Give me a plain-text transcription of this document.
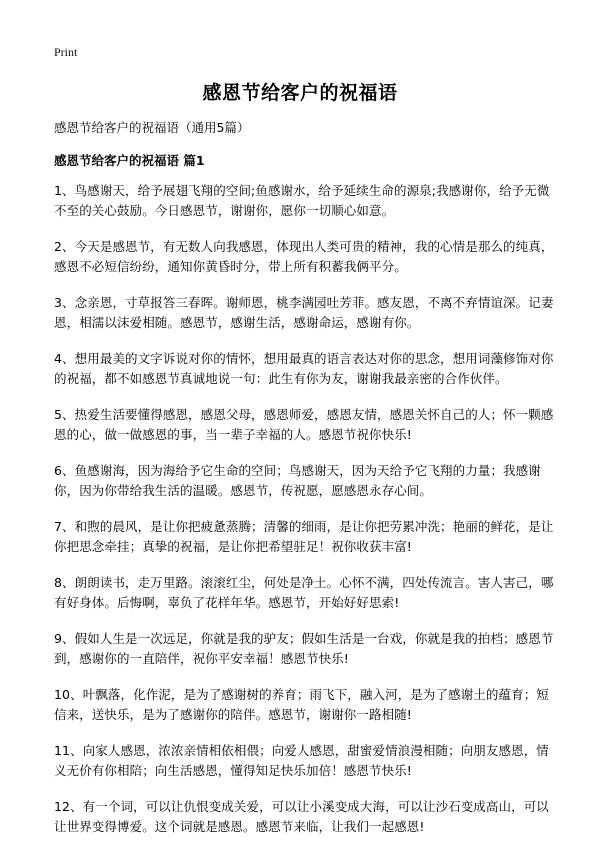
Print
感恩节给客户的祝福语
感恩节给客户的祝福语（通用5篇）
感恩节给客户的祝福语 篇1

1、鸟感谢天，给予展翅飞翔的空间;鱼感谢水，给予延续生命的源泉;我感谢你，给予无微不至的关心鼓励。今日感恩节，谢谢你，愿你一切顺心如意。

2、今天是感恩节，有无数人向我感恩，体现出人类可贵的精神，我的心情是那么的纯真，感恩不必短信纷纷，通知你黄昏时分，带上所有积蓄我俩平分。

3、念亲恩，寸草报答三春晖。谢师恩，桃李满园吐芳菲。感友恩，不离不弃情谊深。记妻恩，相濡以沫爱相随。感恩节，感谢生活，感谢命运，感谢有你。

4、想用最美的文字诉说对你的情怀，想用最真的语言表达对你的思念，想用词藻修饰对你的祝福，都不如感恩节真诚地说一句：此生有你为友，谢谢我最亲密的合作伙伴。

5、热爱生活要懂得感恩，感恩父母，感恩师爱，感恩友情，感恩关怀自己的人；怀一颗感恩的心，做一做感恩的事，当一辈子幸福的人。感恩节祝你快乐!

6、鱼感谢海，因为海给予它生命的空间；鸟感谢天，因为天给予它飞翔的力量；我感谢你，因为你带给我生活的温暖。感恩节，传祝愿，愿感恩永存心间。

7、和煦的晨风，是让你把疲惫蒸腾；清馨的细雨，是让你把劳累冲洗；艳丽的鲜花，是让你把思念牵挂；真挚的祝福，是让你把希望驻足！祝你收获丰富!

8、朗朗读书，走万里路。滚滚红尘，何处是净土。心怀不满，四处传流言。害人害己，哪有好身体。后悔啊，辜负了花样年华。感恩节，开始好好思索!

9、假如人生是一次远足，你就是我的驴友；假如生活是一台戏，你就是我的拍档；感恩节到，感谢你的一直陪伴，祝你平安幸福！感恩节快乐!

10、叶飘落，化作泥，是为了感谢树的养育；雨飞下，融入河，是为了感谢土的蕴育；短信来，送快乐，是为了感谢你的陪伴。感恩节，谢谢你一路相随!

11、向家人感恩，浓浓亲情相依相偎；向爱人感恩，甜蜜爱情浪漫相随；向朋友感恩，情义无价有你相陪；向生活感恩，懂得知足快乐加倍！感恩节快乐!

12、有一个词，可以让仇恨变成关爱，可以让小溪变成大海，可以让沙石变成高山，可以让世界变得博爱。这个词就是感恩。感恩节来临，让我们一起感恩!
